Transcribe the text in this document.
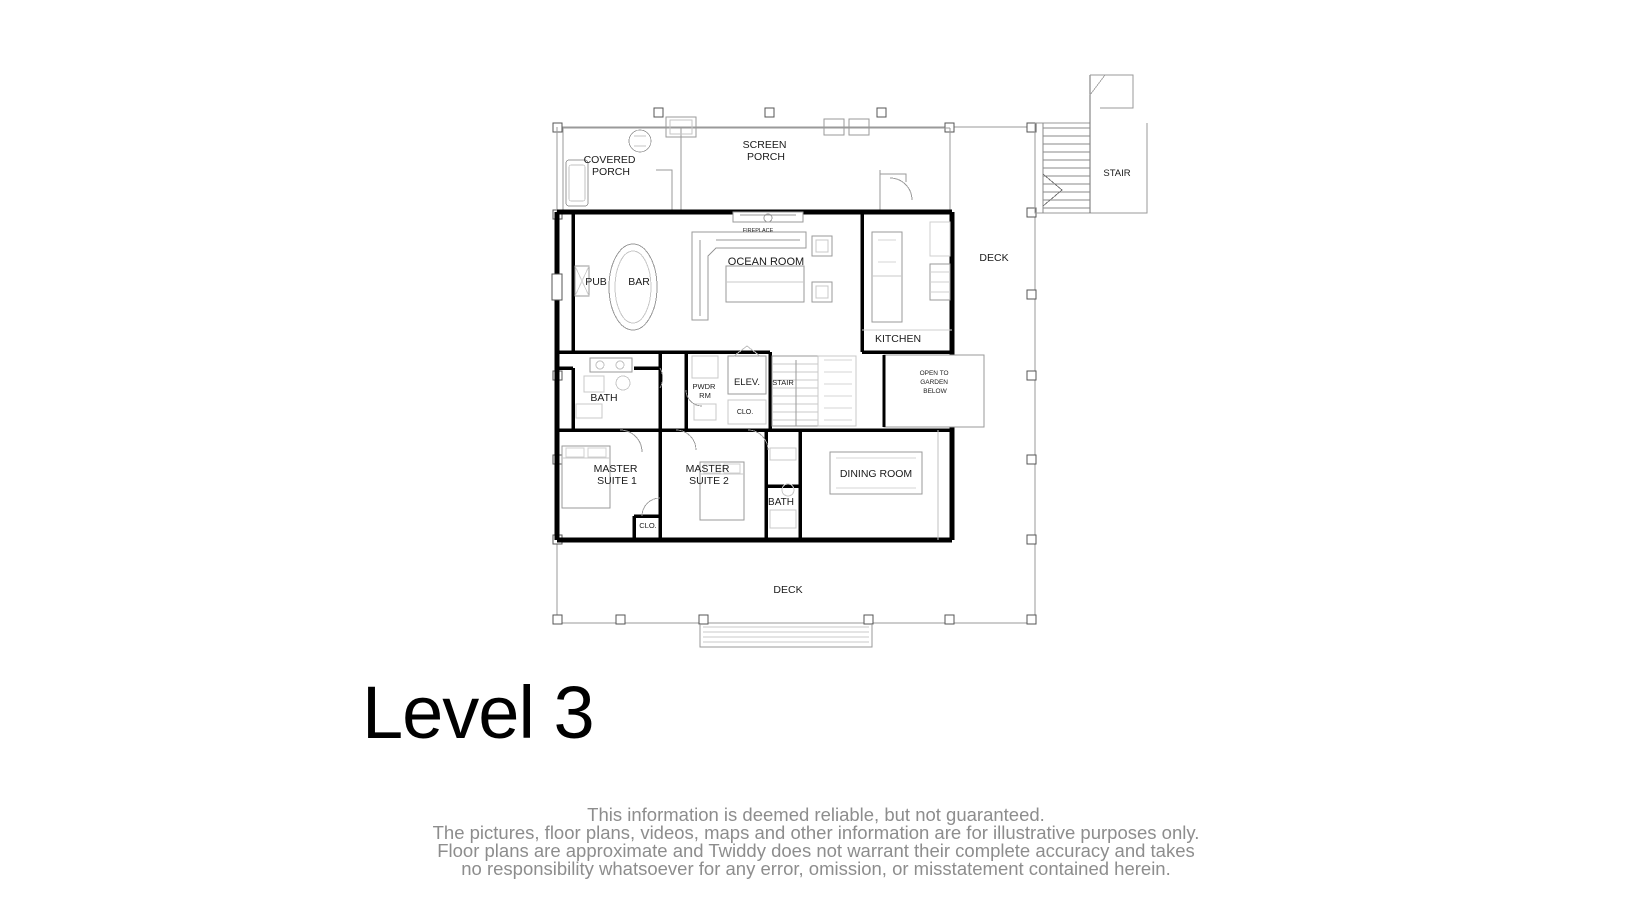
COVERED PORCH
SCREEN PORCH
STAIR
DECK
PUB BAR
OCEAN ROOM
FIREPLACE
KITCHEN
BATH
PWDR RM
ELEV. STAIR
CLO.
OPEN TO GARDEN BELOW
MASTER SUITE 1
MASTER SUITE 2
BATH
CLO.
DINING ROOM
DECK
Level 3
This information is deemed reliable, but not guaranteed.
The pictures, floor plans, videos, maps and other information are for illustrative purposes only.
Floor plans are approximate and Twiddy does not warrant their complete accuracy and takes
no responsibility whatsoever for any error, omission, or misstatement contained herein.
